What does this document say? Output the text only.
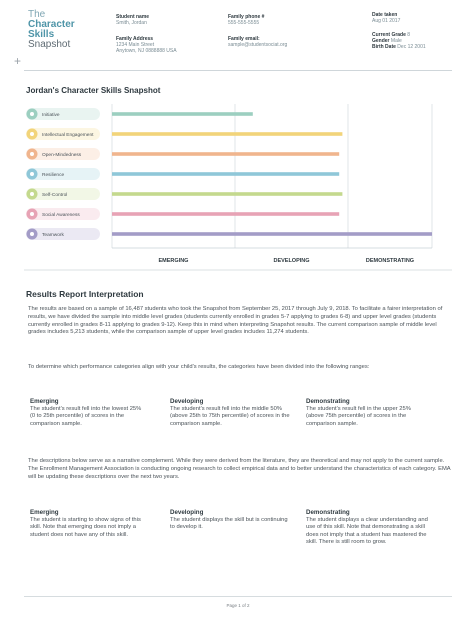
The
Character
Skills
Snapshot
+
Student name
Smith, Jordan
Family Address
1234 Main Street
Anytown, NJ 0888888 USA
Family phone #
555-555-5555
Family email:
sample@studentsociat.org
Date taken
Aug 01 2017
Current Grade 8
Gender Male
Birth Date Dec 12 2001
Jordan's Character Skills Snapshot
Initiative
Intellectual Engagement
Open-Mindedness
Resilience
Self-Control
Social Awareness
Teamwork
EMERGING	DEVELOPING	DEMONSTRATING
Results Report Interpretation
The results are based on a sample of 16,487 students who took the Snapshot from September 25, 2017 through July 9, 2018. To facilitate a fairer interpretation of results, we have divided the sample into middle level grades (students currently enrolled in grades 5-7 applying to grades 6-8) and upper level grades (students currently enrolled in grades 8-11 applying to grades 9-12). Keep this in mind when interpreting Snapshot results. The current comparison sample of middle level grades includes 5,213 students, while the comparison sample of upper level grades includes 11,274 students.
To determine which performance categories align with your child's results, the categories have been divided into the following ranges:
Emerging
The student's result fell into the lowest 25% (0 to 25th percentile) of scores in the comparison sample.
Developing
The student's result fell into the middle 50% (above 25th to 75th percentile) of scores in the comparison sample.
Demonstrating
The student's result fell in the upper 25% (above 75th percentile) of scores in the comparison sample.
The descriptions below serve as a narrative complement. While they were derived from the literature, they are theoretical and may not apply to the current sample. The Enrollment Management Association is conducting ongoing research to collect empirical data and to better understand the characteristics of each category. EMA will be updating these descriptions over the next two years.
Emerging
The student is starting to show signs of this skill. Note that emerging does not imply a student does not have any of this skill.
Developing
The student displays the skill but is continuing to develop it.
Demonstrating
The student displays a clear understanding and use of this skill. Note that demonstrating a skill does not imply that a student has mastered the skill. There is still room to grow.
Page 1 of 2
